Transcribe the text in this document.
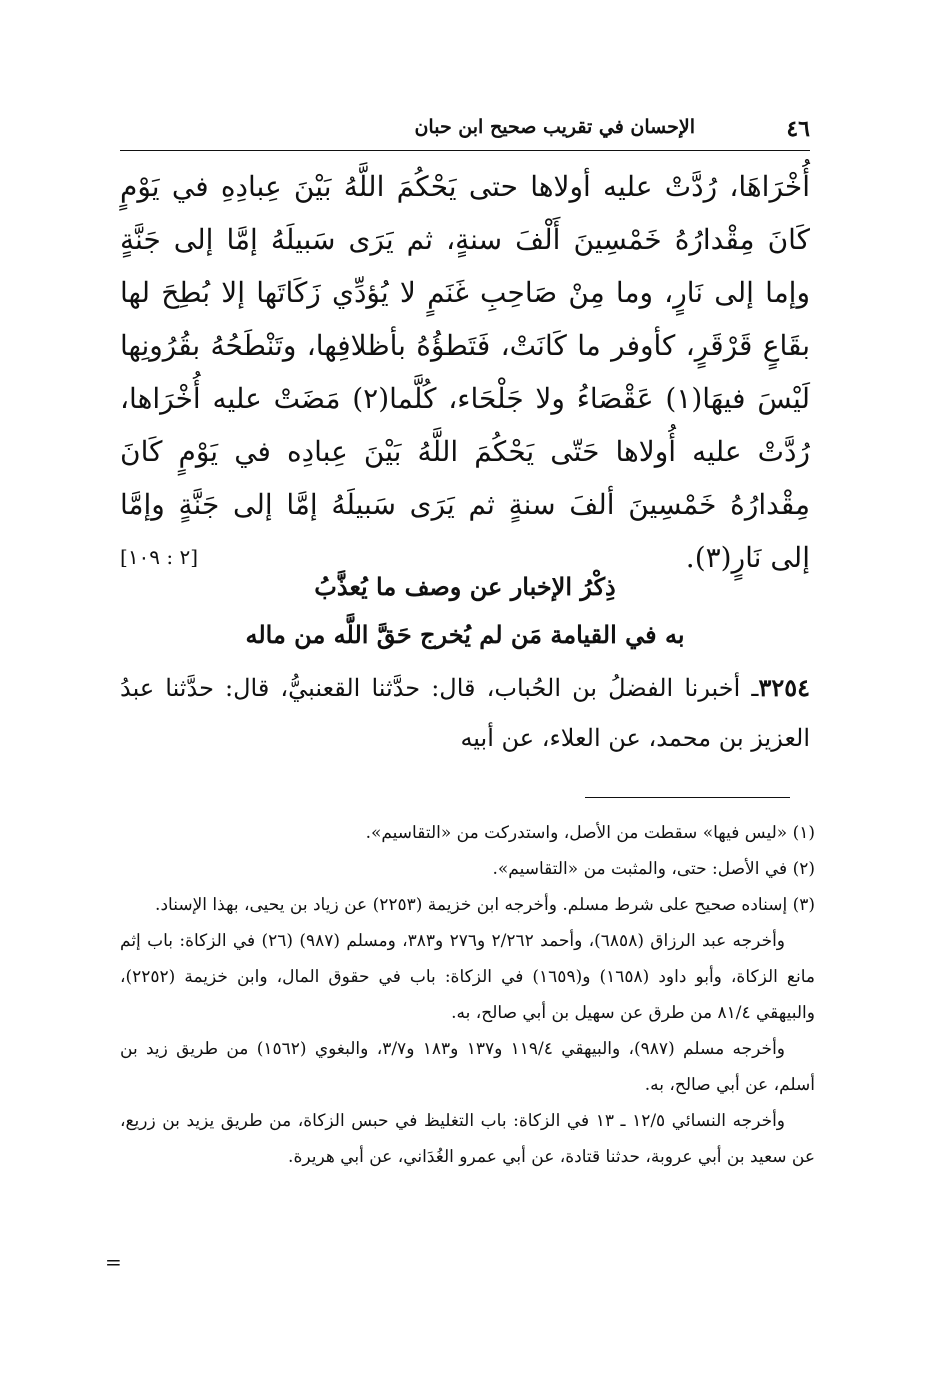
٤٦
الإحسان في تقريب صحيح ابن حبان

أُخْرَاهَا، رُدَّتْ عليه أولاها حتى يَحْكُمَ اللَّهُ بَيْنَ عِبادِهِ في يَوْمٍ كَانَ مِقْدارُهُ خَمْسِينَ أَلْفَ سنةٍ، ثم يَرَى سَبيلَهُ إمَّا إلى جَنَّةٍ وإما إلى نَارٍ، وما مِنْ صَاحِبِ غَنَمٍ لا يُؤدِّي زَكَاتَها إلا بُطِحَ لها بقَاعٍ قَرْقَرٍ، كأوفر ما كَانَتْ، فَتَطؤُهُ بأظلافِها، وتَنْطَحُهُ بقُرُونِها لَيْسَ فيهَا(١) عَقْصَاءُ ولا جَلْحَاء، كُلَّما(٢) مَضَتْ عليه أُخْرَاها، رُدَّتْ عليه أُولاها حَتّى يَحْكُمَ اللَّهُ بَيْنَ عِبادِه في يَوْمٍ كَانَ مِقْدارُهُ خَمْسِينَ ألفَ سنةٍ ثم يَرَى سَبيلَهُ إمَّا إلى جَنَّةٍ وإمَّا إلى نَارٍ(٣).

[٢ : ١٠٩]
ذِكْرُ الإخبار عن وصف ما يُعذَّبُ
به في القيامة مَن لم يُخرج حَقَّ اللَّه من ماله
٣٢٥٤ـ أخبرنا الفضلُ بن الحُباب، قال: حدَّثنا القعنبيُّ، قال: حدَّثنا عبدُ العزيز بن محمد، عن العلاء، عن أبيه

(١) «ليس فيها» سقطت من الأصل، واستدركت من «التقاسيم».

(٢) في الأصل: حتى، والمثبت من «التقاسيم».

(٣) إسناده صحيح على شرط مسلم. وأخرجه ابن خزيمة (٢٢٥٣) عن زياد بن يحيى، بهذا الإسناد.

وأخرجه عبد الرزاق (٦٨٥٨)، وأحمد ٢/٢٦٢ و٢٧٦ و٣٨٣، ومسلم (٩٨٧) (٢٦) في الزكاة: باب إثم مانع الزكاة، وأبو داود (١٦٥٨) و(١٦٥٩) في الزكاة: باب في حقوق المال، وابن خزيمة (٢٢٥٢)، والبيهقي ٨١/٤ من طرق عن سهيل بن أبي صالح، به.

وأخرجه مسلم (٩٨٧)، والبيهقي ١١٩/٤ و١٣٧ و١٨٣ و٣/٧، والبغوي (١٥٦٢) من طريق زيد بن أسلم، عن أبي صالح، به.

وأخرجه النسائي ١٢/٥ ـ ١٣ في الزكاة: باب التغليظ في حبس الزكاة، من طريق يزيد بن زريع، عن سعيد بن أبي عروبة، حدثنا قتادة، عن أبي عمرو الغُدَاني، عن أبي هريرة.

=
